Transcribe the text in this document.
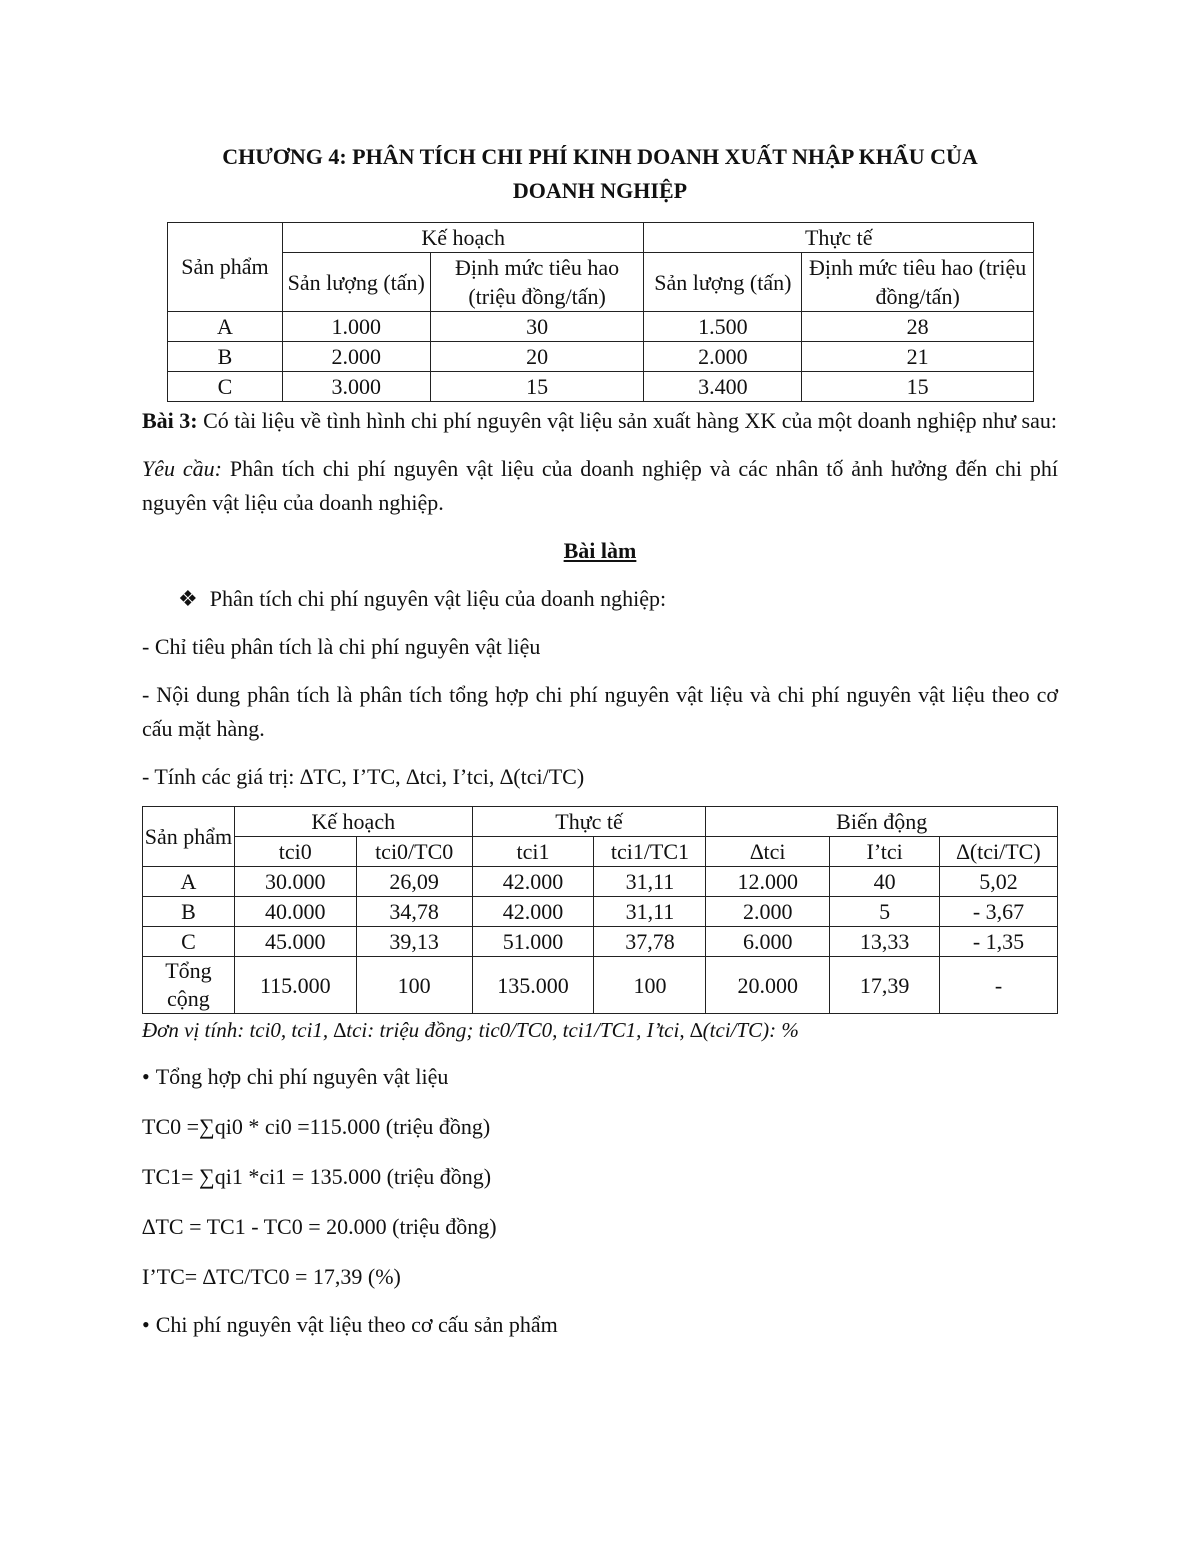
CHƯƠNG 4: PHÂN TÍCH CHI PHÍ KINH DOANH XUẤT NHẬP KHẨU CỦA
DOANH NGHIỆP
Sản phẩm	Kế hoạch		Thực tế	
	Sản lượng (tấn)	Định mức tiêu hao (triệu đồng/tấn)	Sản lượng (tấn)	Định mức tiêu hao (triệu đồng/tấn)
A	1.000	30	1.500	28
B	2.000	20	2.000	21
C	3.000	15	3.400	15

Bài 3: Có tài liệu về tình hình chi phí nguyên vật liệu sản xuất hàng XK của một doanh nghiệp như sau:

Yêu cầu: Phân tích chi phí nguyên vật liệu của doanh nghiệp và các nhân tố ảnh hưởng đến chi phí nguyên vật liệu của doanh nghiệp.

Bài làm

❖ Phân tích chi phí nguyên vật liệu của doanh nghiệp:

- Chỉ tiêu phân tích là chi phí nguyên vật liệu

- Nội dung phân tích là phân tích tổng hợp chi phí nguyên vật liệu và chi phí nguyên vật liệu theo cơ cấu mặt hàng.

- Tính các giá trị: ∆TC, I’TC, ∆tci, I’tci, ∆(tci/TC)

Sản phẩm	Kế hoạch		Thực tế		Biến động		
	tci0	tci0/TC0	tci1	tci1/TC1	∆tci	I’tci	∆(tci/TC)
A	30.000	26,09	42.000	31,11	12.000	40	5,02
B	40.000	34,78	42.000	31,11	2.000	5	- 3,67
C	45.000	39,13	51.000	37,78	6.000	13,33	- 1,35
Tổng cộng	115.000	100	135.000	100	20.000	17,39	-

Đơn vị tính: tci0, tci1, ∆tci: triệu đồng; tic0/TC0, tci1/TC1, I’tci, ∆(tci/TC): %

• Tổng hợp chi phí nguyên vật liệu

TC0 =∑qi0 * ci0 =115.000 (triệu đồng)

TC1= ∑qi1 *ci1 = 135.000 (triệu đồng)

∆TC = TC1 - TC0 = 20.000 (triệu đồng)

I’TC= ∆TC/TC0 = 17,39 (%)

• Chi phí nguyên vật liệu theo cơ cấu sản phẩm
